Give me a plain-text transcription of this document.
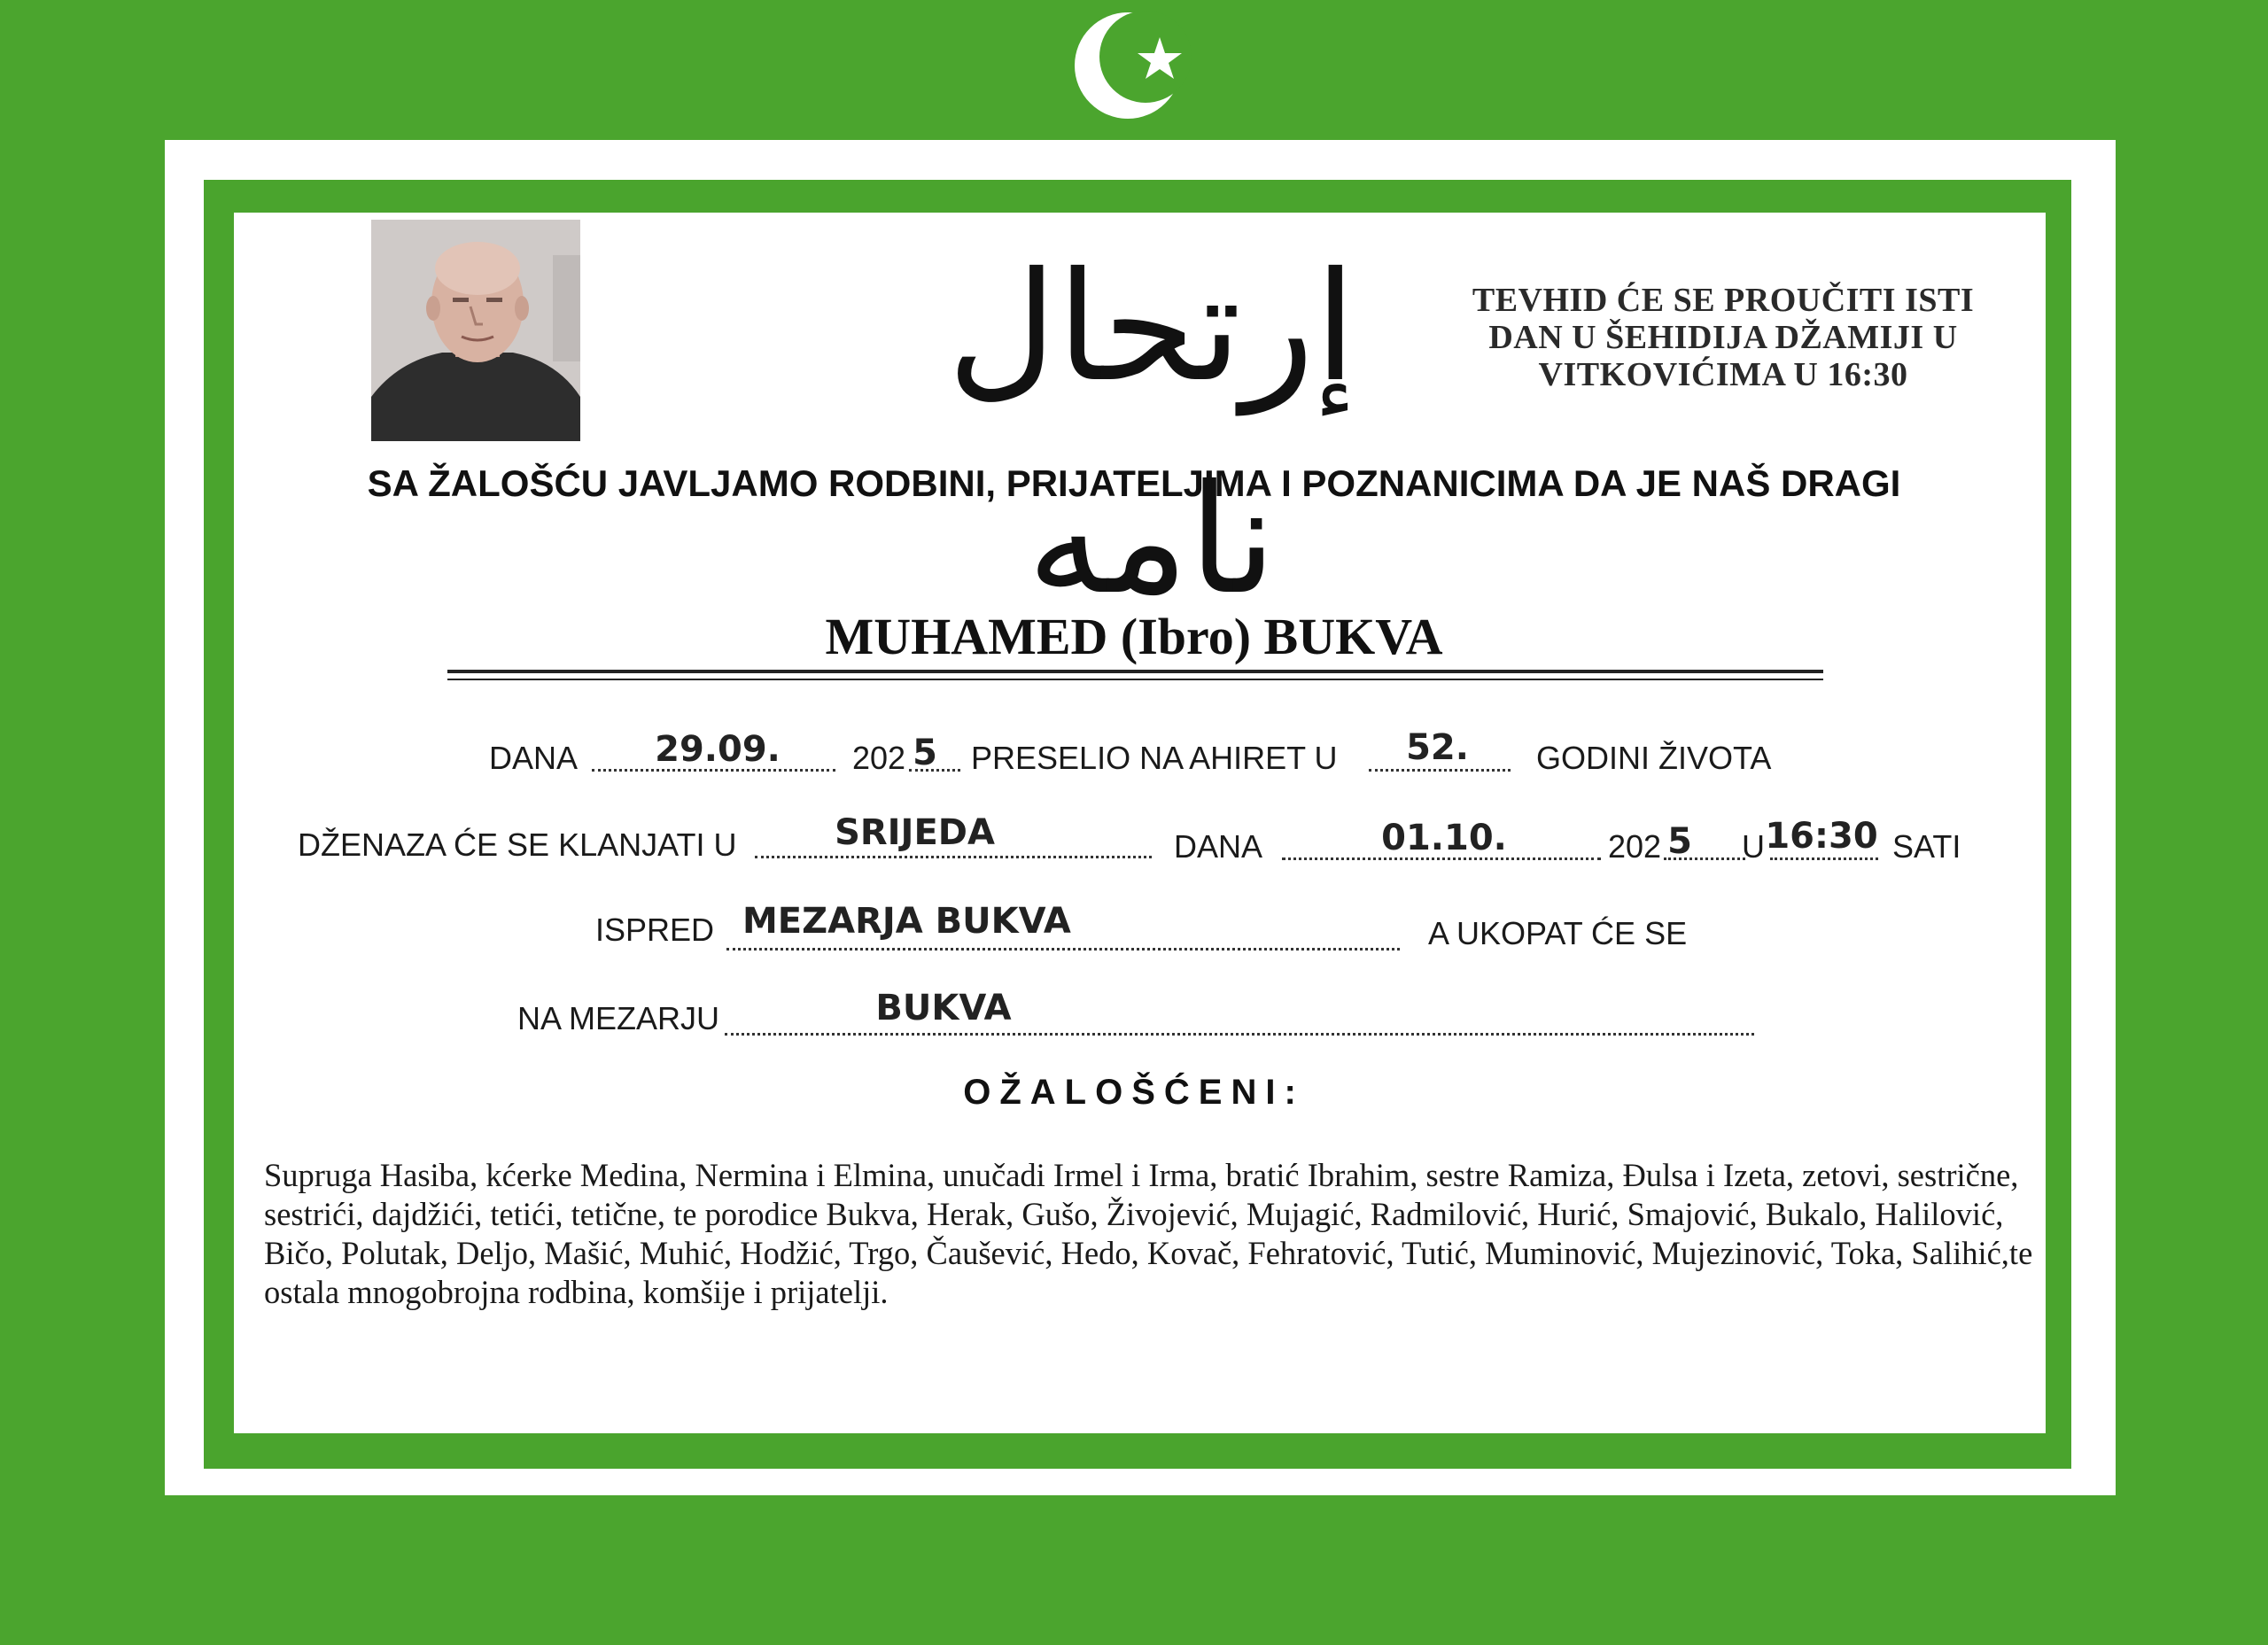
إرتحال نامه
TEVHID ĆE SE PROUČITI ISTI
DAN U ŠEHIDIJA DŽAMIJI U
VITKOVIĆIMA U 16:30
SA ŽALOŠĆU JAVLJAMO RODBINI, PRIJATELJIMA I POZNANICIMA DA JE NAŠ DRAGI
MUHAMED (Ibro) BUKVA
DANA	29.09.	202 5 PRESELIO NA AHIRET U	52.	GODINI ŽIVOTA
DŽENAZA ĆE SE KLANJATI U	SRIJEDA	DANA	01.10.	202 5 U 16:30 SATI
ISPRED MEZARJA BUKVA	A UKOPAT ĆE SE
NA MEZARJU	BUKVA
OŽALOŠĆENI:
Supruga Hasiba, kćerke Medina, Nermina i Elmina, unučadi Irmel i Irma, bratić Ibrahim, sestre Ramiza, Đulsa i Izeta, zetovi, sestrične, sestrići, dajdžići, tetići, tetične, te porodice Bukva, Herak, Gušo, Živojević, Mujagić, Radmilović, Hurić, Smajović, Bukalo, Halilović, Bičo, Polutak, Deljo, Mašić, Muhić, Hodžić, Trgo, Čaušević, Hedo, Kovač, Fehratović, Tutić, Muminović, Mujezinović, Toka, Salihić,te ostala mnogobrojna rodbina, komšije i prijatelji.
